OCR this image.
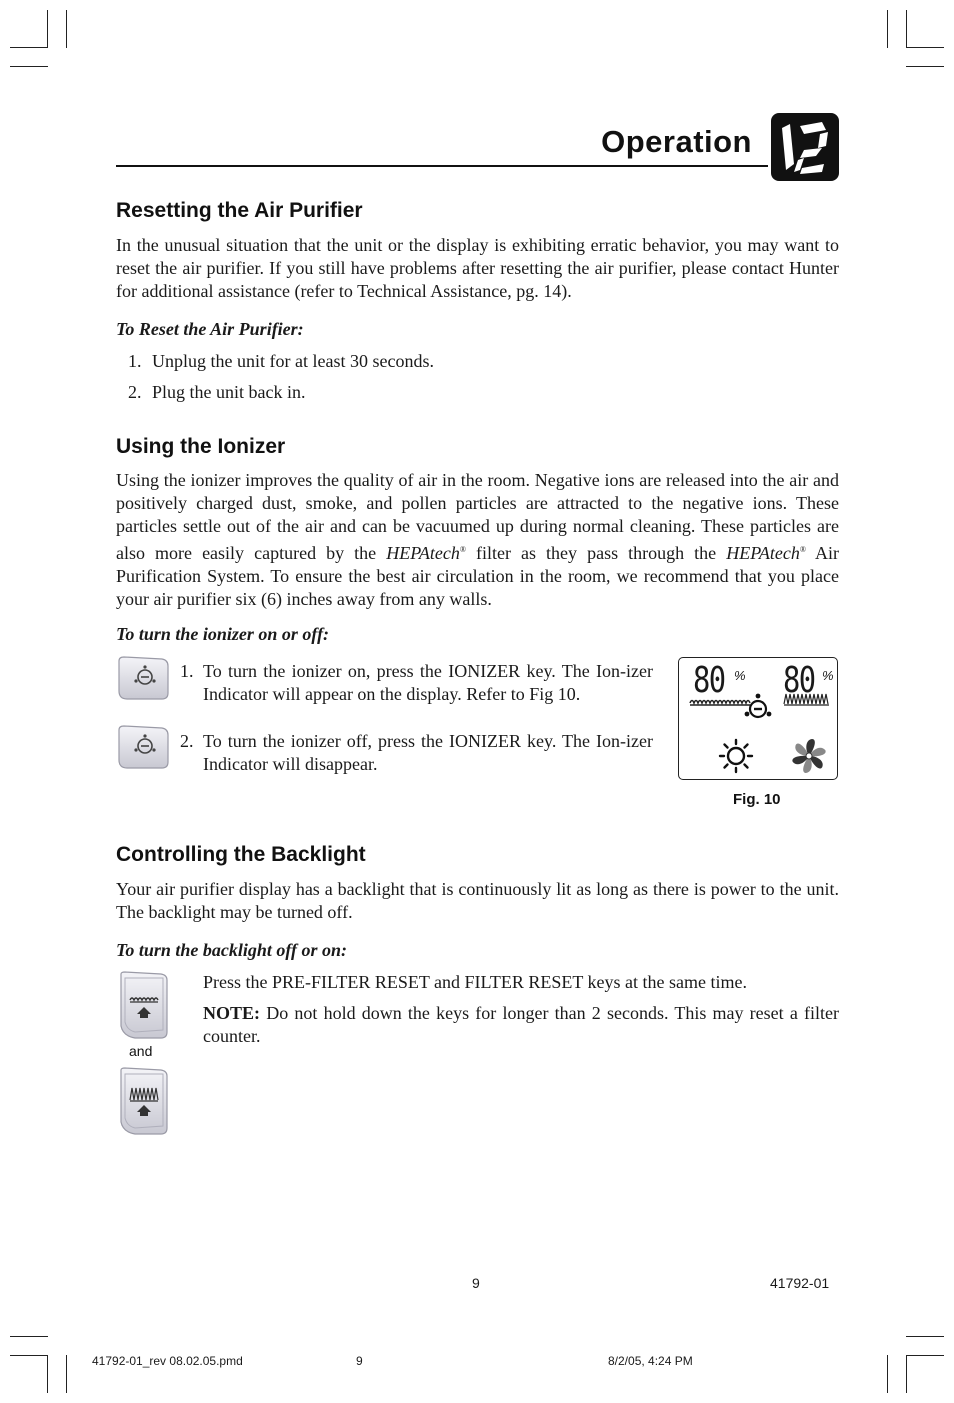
Operation
Resetting the Air Purifier

In the unusual situation that the unit or the display is exhibiting erratic behavior, you may want to reset the air purifier. If you still have problems after resetting the air purifier, please contact Hunter for additional assistance (refer to Technical Assistance, pg. 14).

To Reset the Air Purifier:

1. Unplug the unit for at least 30 seconds.
2. Plug the unit back in.
Using the Ionizer

Using the ionizer improves the quality of air in the room. Negative ions are released into the air and positively charged dust, smoke, and pollen particles are attracted to the negative ions. These particles settle out of the air and can be vacuumed up during normal cleaning. These particles are also more easily captured by the HEPAtech® filter as they pass through the HEPAtech® Air Purification System. To ensure the best air circulation in the room, we recommend that you place your air purifier six (6) inches away from any walls.

To turn the ionizer on or off:

1. To turn the ionizer on, press the IONIZER key. The Ion-izer Indicator will appear on the display. Refer to Fig 10.
2. To turn the ionizer off, press the IONIZER key. The Ion-izer Indicator will disappear.
80 % 80 %
Fig. 10
Controlling the Backlight

Your air purifier display has a backlight that is continuously lit as long as there is power to the unit. The backlight may be turned off.

To turn the backlight off or on:

and

Press the PRE-FILTER RESET and FILTER RESET keys at the same time.

NOTE: Do not hold down the keys for longer than 2 seconds. This may reset a filter counter.

9	41792-01
41792-01_rev 08.02.05.pmd	9	8/2/05, 4:24 PM
